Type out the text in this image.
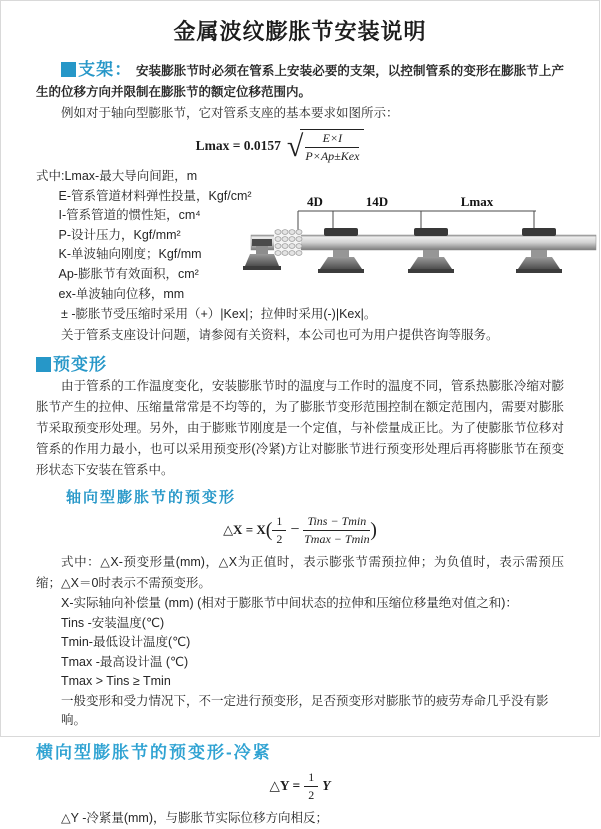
金属波纹膨胀节安装说明
支架： 安装膨胀节时必须在管系上安装必要的支架，以控制管系的变形在膨胀节上产生的位移方向并限制在膨胀节的额定位移范围内。
例如对于轴向型膨胀节，它对管系支座的基本要求如图所示：
Lmax = 0.0157 √ $\frac{E\times I}{\text{P×Ap±Kex}}$
式中:Lmax-最大导向间距，m
E-管系管道材料弹性投量，Kgf/cm²
I-管系管道的惯性矩，cm⁴
P-设计压力，Kgf/mm²
K-单波轴向刚度；Kgf/mm
Ap-膨胀节有效面积，cm²
ex-单波轴向位移，mm
± -膨胀节受压缩时采用（+）|Kex|；拉伸时采用(-)|Kex|。
关于管系支座设计问题，请参阅有关资料，本公司也可为用户提供咨询等服务。
4D	14D	Lmax
预变形
由于管系的工作温度变化，安装膨胀节时的温度与工作时的温度不同，管系热膨胀冷缩对膨胀节产生的拉伸、压缩量常常是不均等的，为了膨胀节变形范围控制在额定范围内，需要对膨胀节采取预变形处理。另外，由于膨账节刚度是一个定值，与补偿量成正比。为了使膨胀节位移对管系的作用力最小，也可以采用预变形(冷紧)方让对膨胀节进行预变形处理后再将膨胀节在预变形状态下安装在管系中。
轴向型膨胀节的预变形
△X = $X( \frac{1}{2} - \frac{\text{Tins − Tmin}}{Tmax - Tmin}$ )
式中：△X-预变形量(mm)，△X为正值时，表示膨张节需预拉伸；为负值时，表示需预压缩；△X＝0时表示不需预变形。
X-实际轴向补偿量 (mm) (相对于膨胀节中间状态的拉伸和压缩位移量绝对值之和)：
Tins -安装温度(℃)
Tmin-最低设计温度(℃)
Tmax -最高设计温 (℃)
Tmax > Tins ≥ Tmin
一般变形和受力情况下，不一定进行预变形，足否预变形对膨胀节的疲劳寿命几乎没有影响。
横向型膨胀节的预变形-冷紧
△Y = $\frac{1}{2}$ Y
△Y -冷紧量(mm)，与膨胀节实际位移方向相反；
